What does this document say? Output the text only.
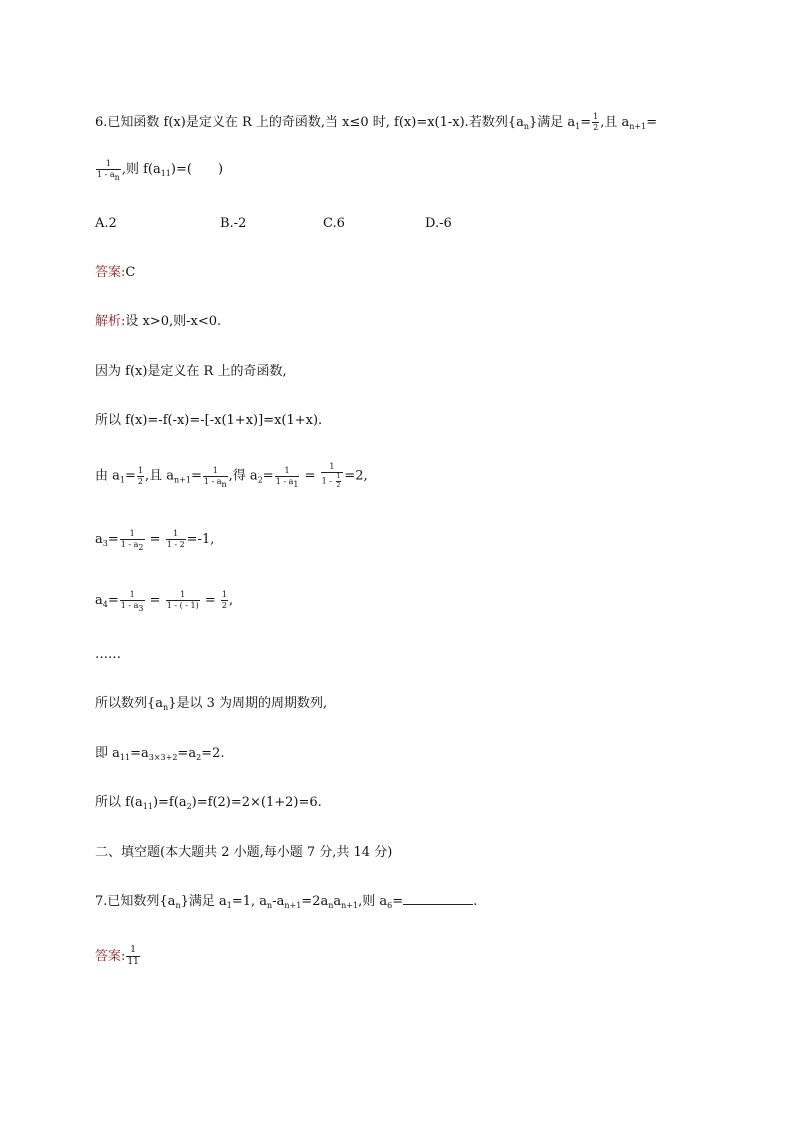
6.已知函数 f(x)是定义在 R 上的奇函数,当 x≤0 时, f(x)=x(1-x).若数列$\{a_n\}$满足 $a_1= \frac{1}{2}$ ,且 $a_{n+1}=$
$\frac{1}{1 - a_n}$ ,则 $f(a_{11})=$(　　)
A.2	B.-2	C.6	D.-6
答案:C
解析:设 x>0,则-x<0.
因为 f(x)是定义在 R 上的奇函数,
所以 f(x)=-f(-x)=-[-x(1+x)]=x(1+x).
由 $a_1= \frac{1}{2}$ ,且 $a_{n+1}= \frac{1}{1 - a_n}$ ,得 $a_2= \frac{1}{1 - a_1} = \frac{1}{1 - \frac{1}{2}} =2$,
$a_3= \frac{1}{1 - a_2} = \frac{1}{1 - 2} =-1$,
$a_4= \frac{1}{1 - a_3} = \frac{1}{1 - ( - 1)} = \frac{1}{2}$ ,
……
所以数列$\{a_n\}$是以 3 为周期的周期数列,
即 $a_{11}=a_{3\times 3+2}=a_2=2$.
所以 $f(a_{11})=f(a_2)=f(2)=2\times(1+2)=6$.
二、填空题(本大题共 2 小题,每小题 7 分,共 14 分)
7.已知数列$\{a_n\}$满足 $a_1=1$, $a_n-a_{n+1}=2a_na_{n+1}$,则 $a_6=$	.
答案: $\frac{1}{11}$
